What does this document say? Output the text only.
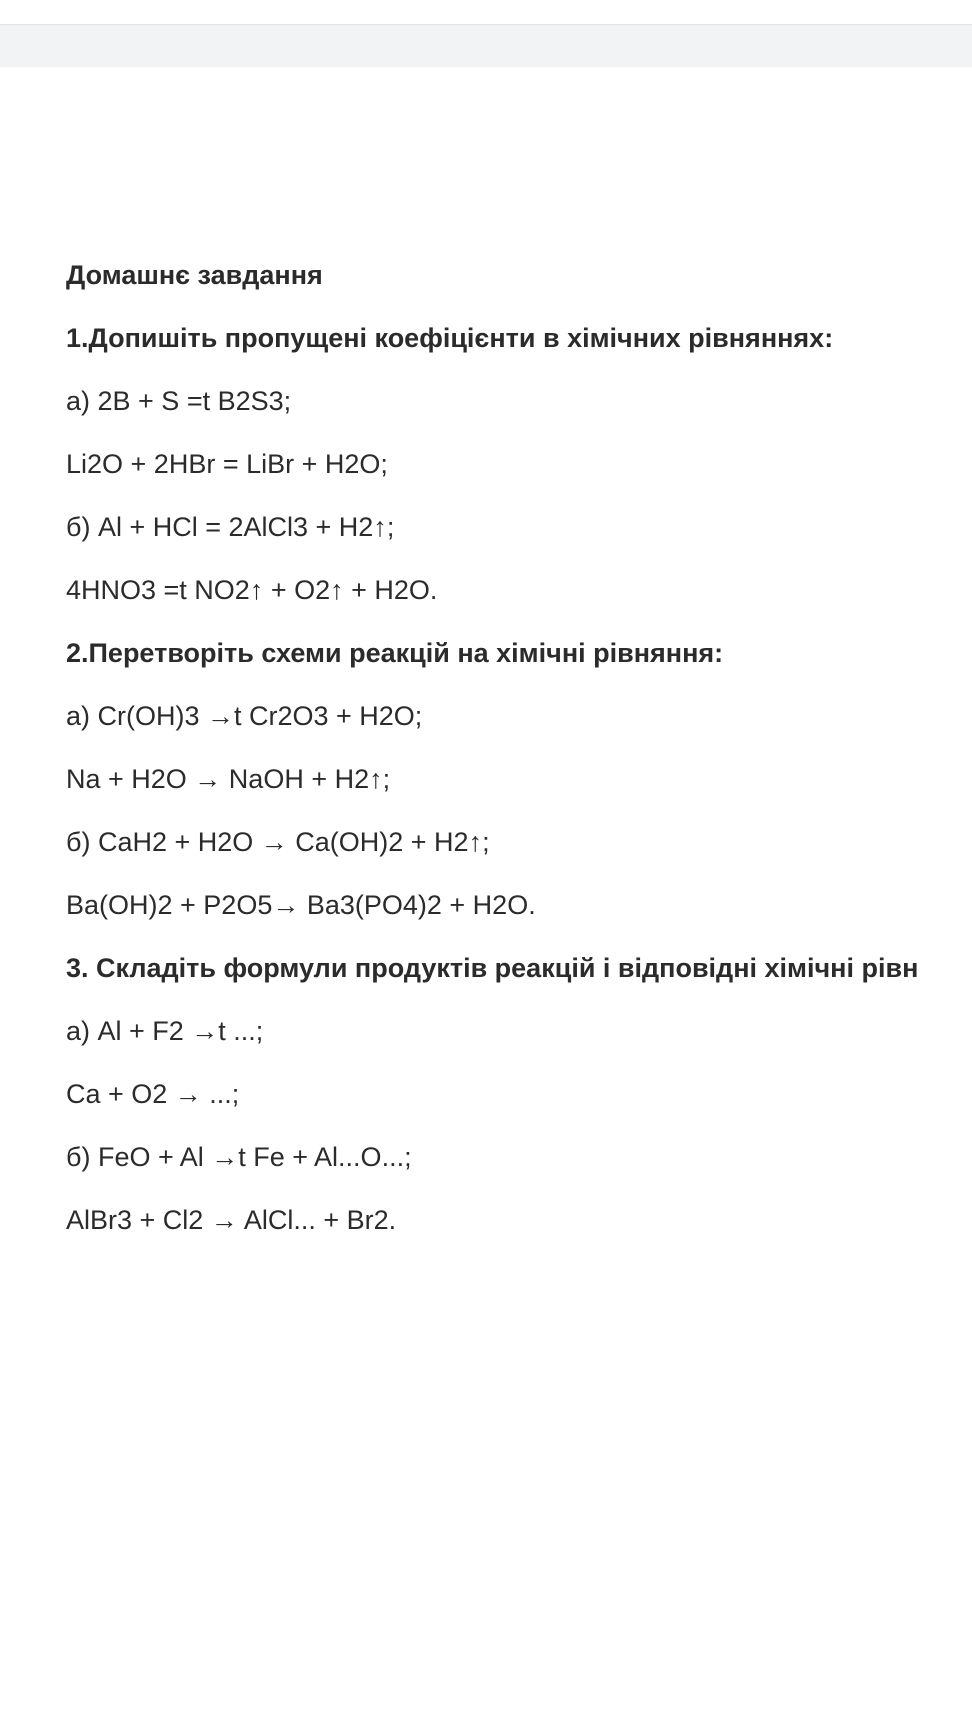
Домашнє завдання
1.Допишіть пропущені коефіцієнти в хімічних рівняннях:
а) 2B + S =t B2S3;
Li2O + 2HBr = LiBr + H2O;
б) Al + HCl = 2AlCl3 + H2↑;
4HNO3 =t NO2↑ + O2↑ + H2O.
2.Перетворіть схеми реакцій на хімічні рівняння:
а) Cr(OH)3 →t Cr2O3 + H2O;
Na + H2O → NaOH + H2↑;
б) CaH2 + H2O → Ca(OH)2 + H2↑;
Ba(OH)2 + P2O5→ Ba3(PO4)2 + H2O.
3. Складіть формули продуктів реакцій і відповідні хімічні рівн
а) Al + F2 →t ...;
Ca + O2 → ...;
б) FeO + Al →t Fe + Al...O...;
AlBr3 + Cl2 → AlCl... + Br2.
